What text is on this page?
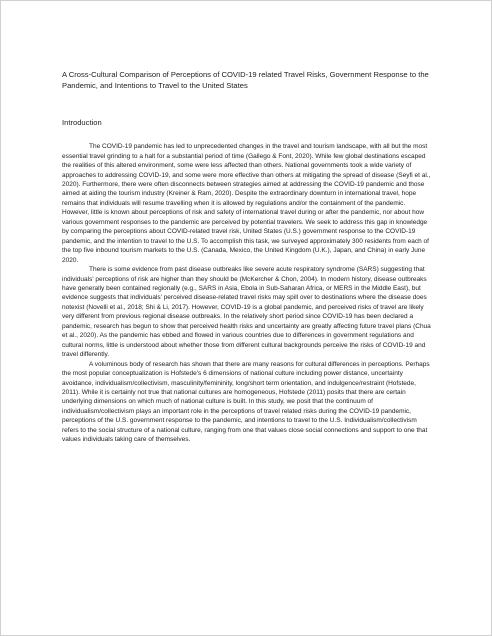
A Cross-Cultural Comparison of Perceptions of COVID-19 related Travel Risks, Government Response to the Pandemic, and Intentions to Travel to the United States

Introduction

The COVID-19 pandemic has led to unprecedented changes in the travel and tourism landscape, with all but the most essential travel grinding to a halt for a substantial period of time (Gallego & Font, 2020). While few global destinations escaped the realities of this altered environment, some were less affected than others. National governments took a wide variety of approaches to addressing COVID-19, and some were more effective than others at mitigating the spread of disease (Seyfi et al., 2020). Furthermore, there were often disconnects between strategies aimed at addressing the COVID-19 pandemic and those aimed at aiding the tourism industry (Kreiner & Ram, 2020). Despite the extraordinary downturn in international travel, hope remains that individuals will resume travelling when it is allowed by regulations and/or the containment of the pandemic. However, little is known about perceptions of risk and safety of international travel during or after the pandemic, nor about how various government responses to the pandemic are perceived by potential travelers. We seek to address this gap in knowledge by comparing the perceptions about COVID-related travel risk, United States (U.S.) government response to the COVID-19 pandemic, and the intention to travel to the U.S. To accomplish this task, we surveyed approximately 300 residents from each of the top five inbound tourism markets to the U.S. (Canada, Mexico, the United Kingdom (U.K.), Japan, and China) in early June 2020.

There is some evidence from past disease outbreaks like severe acute respiratory syndrome (SARS) suggesting that individuals' perceptions of risk are higher than they should be (McKercher & Chon, 2004). In modern history, disease outbreaks have generally been contained regionally (e.g., SARS in Asia, Ebola in Sub-Saharan Africa, or MERS in the Middle East), but evidence suggests that individuals' perceived disease-related travel risks may spill over to destinations where the disease does notexist (Novelli et al., 2018; Shi & Li, 2017). However, COVID-19 is a global pandemic, and perceived risks of travel are likely very different from previous regional disease outbreaks. In the relatively short period since COVID-19 has been declared a pandemic, research has begun to show that perceived health risks and uncertainty are greatly affecting future travel plans (Chua et al., 2020). As the pandemic has ebbed and flowed in various countries due to differences in government regulations and cultural norms, little is understood about whether those from different cultural backgrounds perceive the risks of COVID-19 and travel differently.

A voluminous body of research has shown that there are many reasons for cultural differences in perceptions. Perhaps the most popular conceptualization is Hofstede's 6 dimensions of national culture including power distance, uncertainty avoidance, individualism/collectivism, masculinity/femininity, long/short term orientation, and indulgence/restraint (Hofstede, 2011). While it is certainly not true that national cultures are homogeneous, Hofstede (2011) posits that there are certain underlying dimensions on which much of national culture is built. In this study, we posit that the continuum of individualism/collectivism plays an important role in the perceptions of travel related risks during the COVID-19 pandemic, perceptions of the U.S. government response to the pandemic, and intentions to travel to the U.S. Individualism/collectivism refers to the social structure of a national culture, ranging from one that values close social connections and support to one that values individuals taking care of themselves.
